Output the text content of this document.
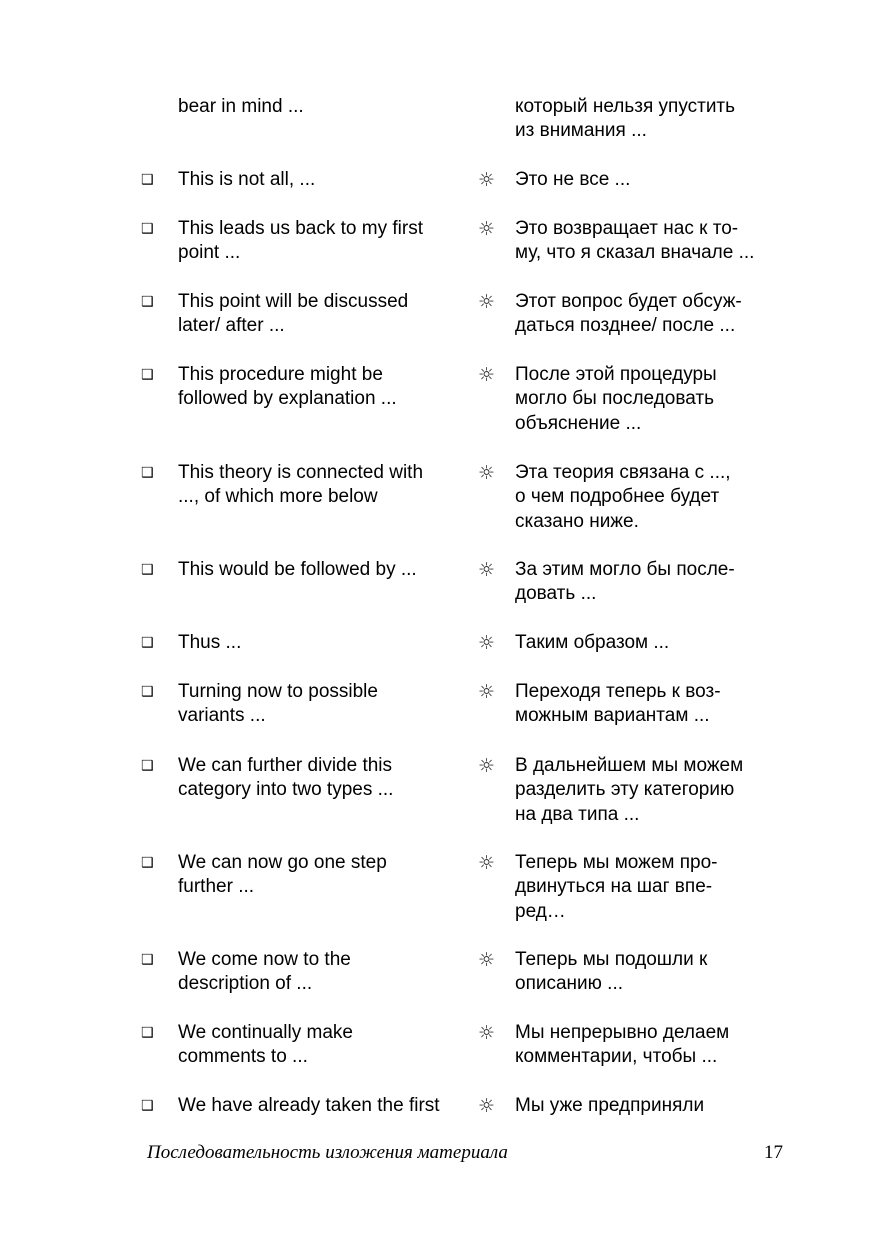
bear in mind ...	который нельзя упустить
из внимания ...
❑ This is not all, ...	☼ Это не все ...
❑ This leads us back to my first
point ...
☼ Это возвращает нас к то-
му, что я сказал вначале ...
❑ This point will be discussed
later/ after ...
☼ Этот вопрос будет обсуж-
даться позднее/ после ...
❑ This procedure might be
followed by explanation ...
☼ После этой процедуры
могло бы последовать
объяснение ...
❑ This theory is connected with
..., of which more below
☼ Эта теория связана с ...,
о чем подробнее будет
сказано ниже.
❑ This would be followed by ...	☼ За этим могло бы после-
довать ...
❑ Thus ...	☼ Таким образом ...
❑ Turning now to possible
variants ...
☼ Переходя теперь к воз-
можным вариантам ...
❑ We can further divide this
category into two types ...
☼ В дальнейшем мы можем
разделить эту категорию
на два типа ...
❑ We can now go one step
further ...
☼ Теперь мы можем про-
двинуться на шаг впе-
ред…
❑ We come now to the
description of ...
☼ Теперь мы подошли к
описанию ...
❑ We continually make
comments to ...
☼ Мы непрерывно делаем
комментарии, чтобы ...
❑ We have already taken the first	☼ Мы уже предприняли
Последовательность изложения материала	17
